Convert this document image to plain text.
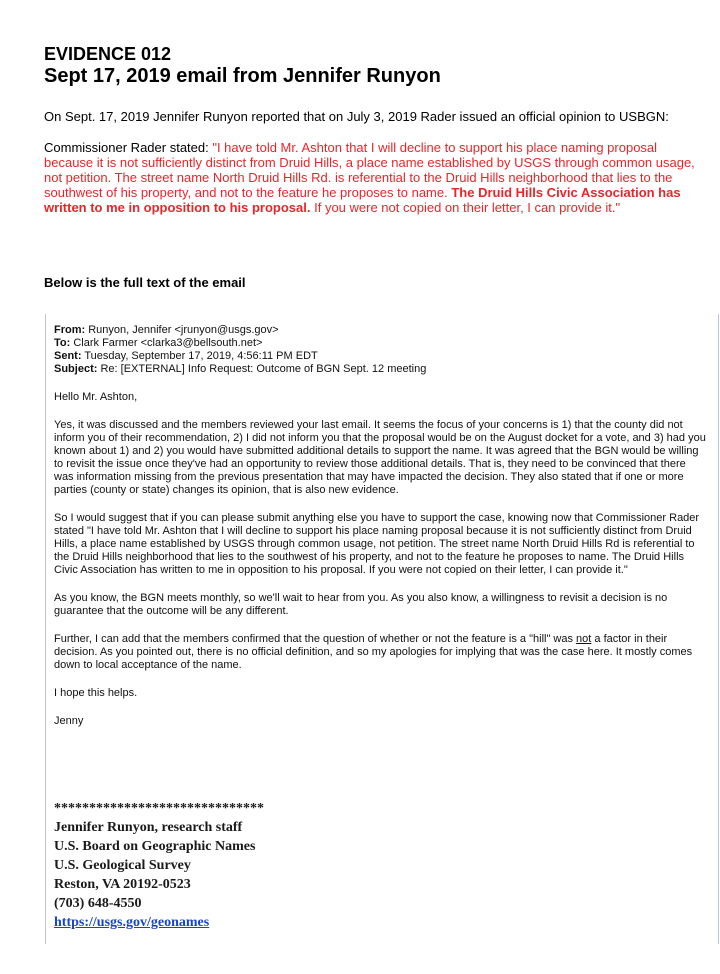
EVIDENCE 012

Sept 17, 2019 email from Jennifer Runyon

On Sept. 17, 2019 Jennifer Runyon reported that on July 3, 2019 Rader issued an official opinion to USBGN:

Commissioner Rader stated: "I have told Mr. Ashton that I will decline to support his place naming proposal because it is not sufficiently distinct from Druid Hills, a place name established by USGS through common usage, not petition. The street name North Druid Hills Rd. is referential to the Druid Hills neighborhood that lies to the southwest of his property, and not to the feature he proposes to name. The Druid Hills Civic Association has written to me in opposition to his proposal. If you were not copied on their letter, I can provide it."

Below is the full text of the email

From: Runyon, Jennifer <jrunyon@usgs.gov>

To: Clark Farmer <clarka3@bellsouth.net>

Sent: Tuesday, September 17, 2019, 4:56:11 PM EDT

Subject: Re: [EXTERNAL] Info Request: Outcome of BGN Sept. 12 meeting

Hello Mr. Ashton,

Yes, it was discussed and the members reviewed your last email. It seems the focus of your concerns is 1) that the county did not inform you of their recommendation, 2) I did not inform you that the proposal would be on the August docket for a vote, and 3) had you known about 1) and 2) you would have submitted additional details to support the name. It was agreed that the BGN would be willing to revisit the issue once they've had an opportunity to review those additional details. That is, they need to be convinced that there was information missing from the previous presentation that may have impacted the decision. They also stated that if one or more parties (county or state) changes its opinion, that is also new evidence.

So I would suggest that if you can please submit anything else you have to support the case, knowing now that Commissioner Rader stated "I have told Mr. Ashton that I will decline to support his place naming proposal because it is not sufficiently distinct from Druid Hills, a place name established by USGS through common usage, not petition. The street name North Druid Hills Rd is referential to the Druid Hills neighborhood that lies to the southwest of his property, and not to the feature he proposes to name. The Druid Hills Civic Association has written to me in opposition to his proposal. If you were not copied on their letter, I can provide it."

As you know, the BGN meets monthly, so we'll wait to hear from you. As you also know, a willingness to revisit a decision is no guarantee that the outcome will be any different.

Further, I can add that the members confirmed that the question of whether or not the feature is a "hill" was not a factor in their decision. As you pointed out, there is no official definition, and so my apologies for implying that was the case here. It mostly comes down to local acceptance of the name.

I hope this helps.

Jenny

******************************

Jennifer Runyon, research staff

U.S. Board on Geographic Names

U.S. Geological Survey

Reston, VA 20192-0523

(703) 648-4550

https://usgs.gov/geonames
